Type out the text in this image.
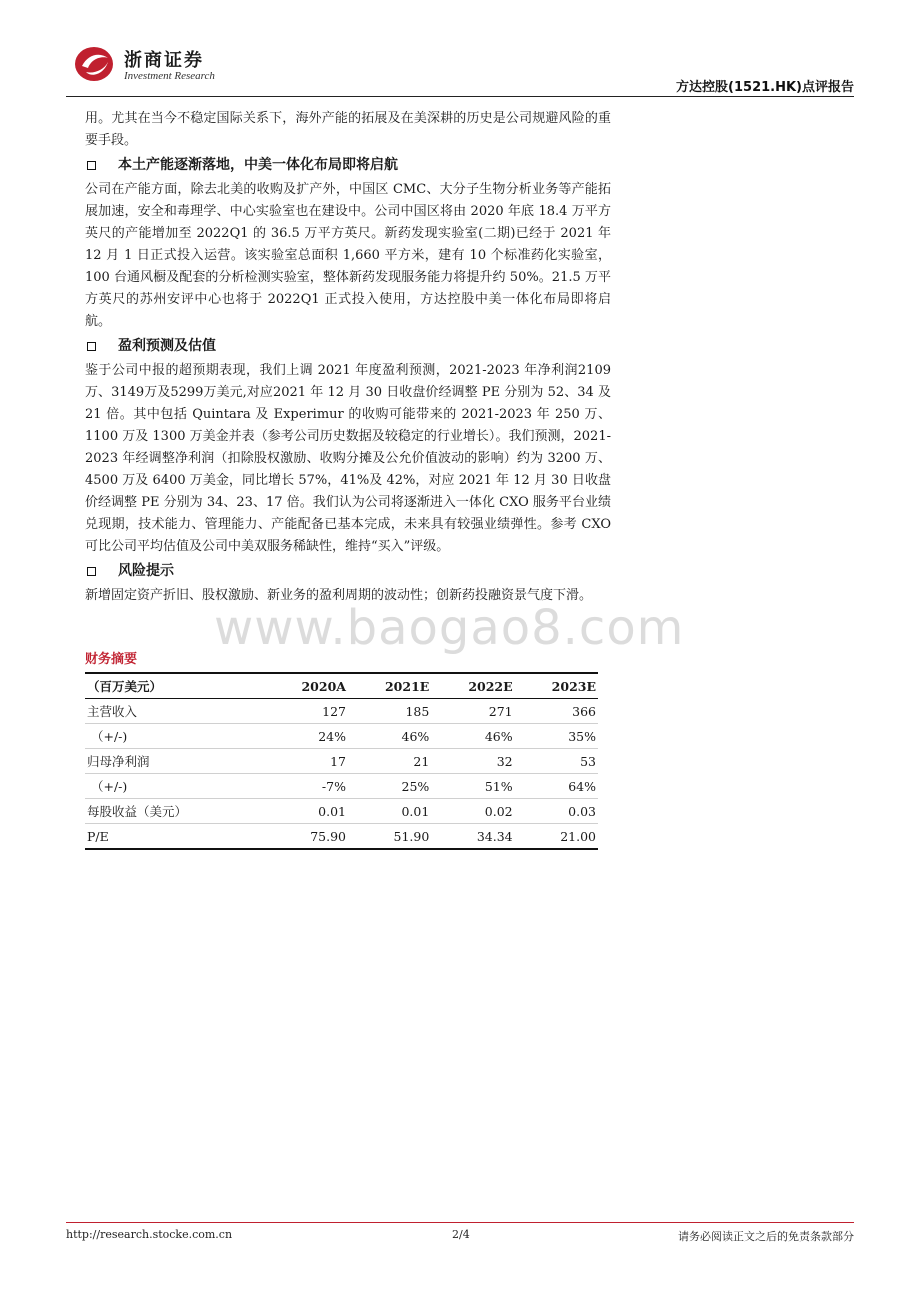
浙商证券
Investment Research
方达控股(1521.HK)点评报告

用。尤其在当今不稳定国际关系下，海外产能的拓展及在美深耕的历史是公司规避风险的重要手段。

本土产能逐渐落地，中美一体化布局即将启航

公司在产能方面，除去北美的收购及扩产外，中国区 CMC、大分子生物分析业务等产能拓展加速，安全和毒理学、中心实验室也在建设中。公司中国区将由 2020 年底 18.4 万平方英尺的产能增加至 2022Q1 的 36.5 万平方英尺。新药发现实验室(二期)已经于 2021 年 12 月 1 日正式投入运营。该实验室总面积 1,660 平方米，建有 10 个标准药化实验室，100 台通风橱及配套的分析检测实验室，整体新药发现服务能力将提升约 50%。21.5 万平方英尺的苏州安评中心也将于 2022Q1 正式投入使用，方达控股中美一体化布局即将启航。

盈利预测及估值

鉴于公司中报的超预期表现，我们上调 2021 年度盈利预测，2021-2023 年净利润2109万、3149万及5299万美元,对应2021 年 12 月 30 日收盘价经调整 PE 分别为 52、34 及 21 倍。其中包括 Quintara 及 Experimur 的收购可能带来的 2021-2023 年 250 万、1100 万及 1300 万美金并表（参考公司历史数据及较稳定的行业增长）。我们预测，2021-2023 年经调整净利润（扣除股权激励、收购分摊及公允价值波动的影响）约为 3200 万、4500 万及 6400 万美金，同比增长 57%，41%及 42%，对应 2021 年 12 月 30 日收盘价经调整 PE 分别为 34、23、17 倍。我们认为公司将逐渐进入一体化 CXO 服务平台业绩兑现期，技术能力、管理能力、产能配备已基本完成，未来具有较强业绩弹性。参考 CXO 可比公司平均估值及公司中美双服务稀缺性，维持“买入”评级。

风险提示

新增固定资产折旧、股权激励、新业务的盈利周期的波动性；创新药投融资景气度下滑。

www.baogao8.com
财务摘要
（百万美元）	2020A	2021E	2022E	2023E
主营收入	127	185	271	366
（+/-)	24%	46%	46%	35%
归母净利润	17	21	32	53
（+/-)	-7%	25%	51%	64%
每股收益（美元）	0.01	0.01	0.02	0.03
P/E	75.90	51.90	34.34	21.00
http://research.stocke.com.cn	2/4	请务必阅读正文之后的免责条款部分
